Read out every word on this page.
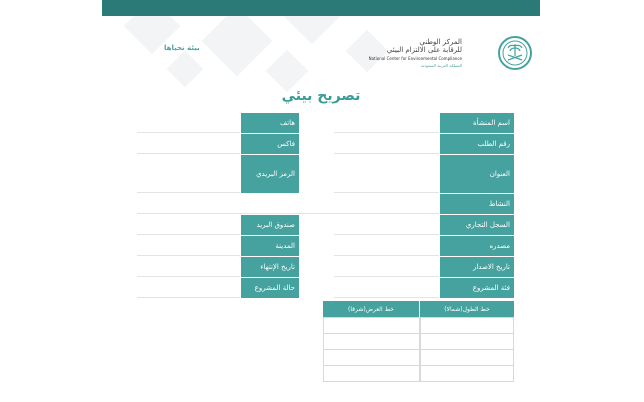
المركز الوطني
للرقابة على الالتزام البيئي
National Center for Environmental Compliance
المملكة العربية السعودية
بيئة نحياها
تصريح بيئي
اسم المنشأة
رقم الطلب
العنوان
النشاط
السجل التجاري
مصدره
تاريخ الاصدار
فئة المشروع
هاتف
فاكس
الرمز البريدي
صندوق البريد
المدينة
تاريخ الإنتهاء
حالة المشروع
خط الطول(شمالا)
خط العرض(شرقا)
